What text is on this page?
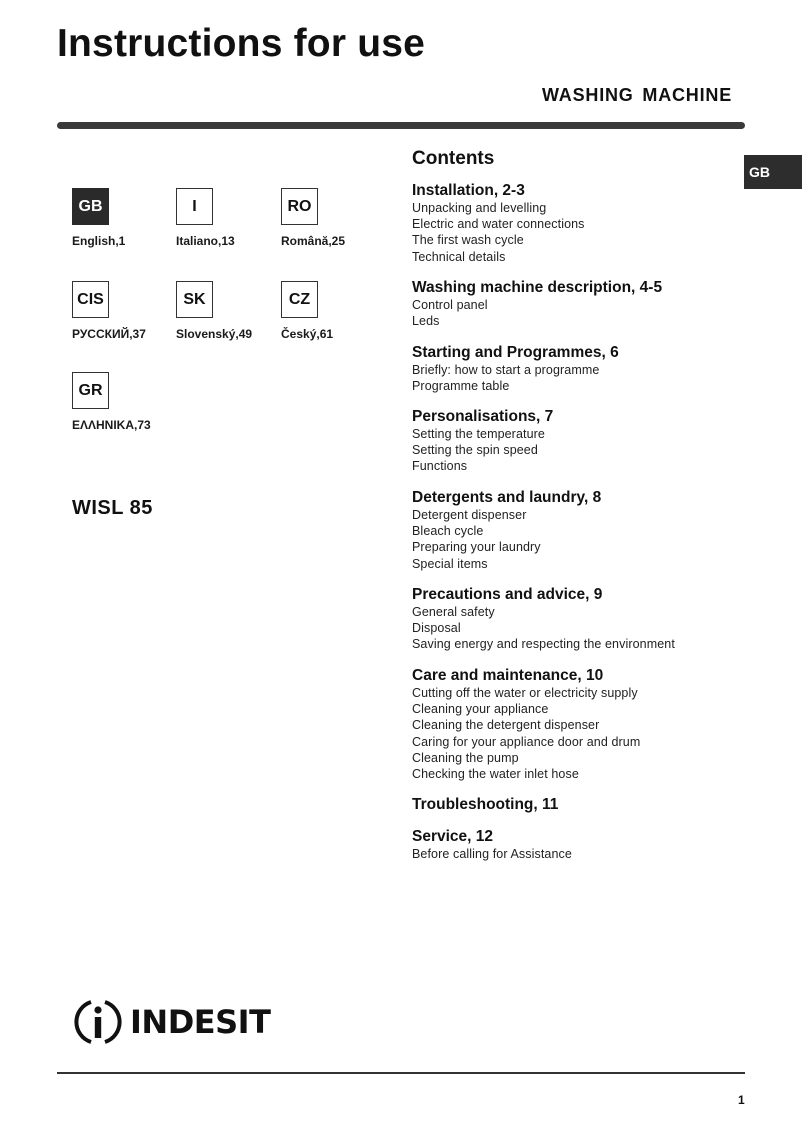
Instructions for use
WASHING MACHINE
GB
GB
English,1
I
Italiano,13
RO
Română,25
CIS
РУССКИЙ,37
SK
Slovenský,49
CZ
Český,61
GR
ΕΛΛΗΝΙΚΑ,73
WISL 85
Contents
Installation, 2-3
Unpacking and levelling
Electric and water connections
The first wash cycle
Technical details
Washing machine description, 4-5
Control panel
Leds
Starting and Programmes, 6
Briefly: how to start a programme
Programme table
Personalisations, 7
Setting the temperature
Setting the spin speed
Functions
Detergents and laundry, 8
Detergent dispenser
Bleach cycle
Preparing your laundry
Special items
Precautions and advice, 9
General safety
Disposal
Saving energy and respecting the environment
Care and maintenance, 10
Cutting off the water or electricity supply
Cleaning your appliance
Cleaning the detergent dispenser
Caring for your appliance door and drum
Cleaning the pump
Checking the water inlet hose
Troubleshooting, 11
Service, 12
Before calling for Assistance
INDESIT
1
